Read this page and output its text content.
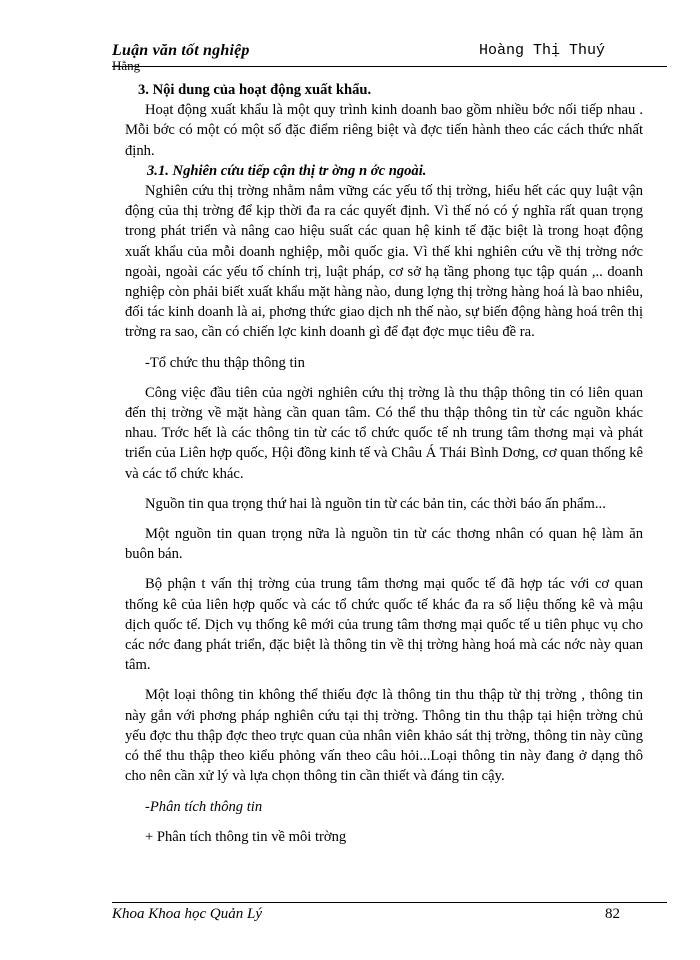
Luận văn tốt nghiệp
Hằng
Hoàng Thị Thuý

3. Nội dung của hoạt động xuất khẩu.

Hoạt động xuất khẩu là một quy trình kinh doanh bao gồm nhiều bớc nối tiếp nhau . Mỗi bớc có một có một số đặc điểm riêng biệt và đợc tiến hành theo các cách thức nhất định.

3.1. Nghiên cứu tiếp cận thị tr ờng n ớc ngoài.

Nghiên cứu thị trờng nhằm nắm vững các yếu tố thị trờng, hiểu hết các quy luật vận động của thị trờng để kịp thời đa ra các quyết định. Vì thế nó có ý nghĩa rất quan trọng trong phát triển và nâng cao hiệu suất các quan hệ kinh tế đặc biệt là trong hoạt động xuất khẩu của mỗi doanh nghiệp, mỗi quốc gia. Vì thế khi nghiên cứu về thị trờng nớc ngoài, ngoài các yếu tố chính trị, luật pháp, cơ sở hạ tầng phong tục tập quán ,.. doanh nghiệp còn phải biết xuất khẩu mặt hàng nào, dung lợng thị trờng hàng hoá là bao nhiêu, đối tác kinh doanh là ai, phơng thức giao dịch nh thế nào, sự biến động hàng hoá trên thị trờng ra sao, cần có chiến lợc kinh doanh gì để đạt đợc mục tiêu đề ra.

-Tổ chức thu thập thông tin

Công việc đầu tiên của ngời nghiên cứu thị trờng là thu thập thông tin có liên quan đến thị trờng về mặt hàng cần quan tâm. Có thể thu thập thông tin từ các nguồn khác nhau. Trớc hết là các thông tin từ các tổ chức quốc tế nh trung tâm thơng mại và phát triển của Liên hợp quốc, Hội đồng kinh tế và Châu Á Thái Bình Dơng, cơ quan thống kê và các tổ chức khác.

Nguồn tin qua trọng thứ hai là nguồn tin từ các bản tin, các thời báo ấn phẩm...

Một nguồn tin quan trọng nữa là nguồn tin từ các thơng nhân có quan hệ làm ăn buôn bán.

Bộ phận t vấn thị trờng của trung tâm thơng mại quốc tế đã hợp tác với cơ quan thống kê của liên hợp quốc và các tổ chức quốc tế khác đa ra số liệu thống kê và mậu dịch quốc tế. Dịch vụ thống kê mới của trung tâm thơng mại quốc tế u tiên phục vụ cho các nớc đang phát triển, đặc biệt là thông tin về thị trờng hàng hoá mà các nớc này quan tâm.

Một loại thông tin không thể thiếu đợc là thông tin thu thập từ thị trờng , thông tin này gắn với phơng pháp nghiên cứu tại thị trờng. Thông tin thu thập tại hiện trờng chủ yếu đợc thu thập đợc theo trực quan của nhân viên khảo sát thị trờng, thông tin này cũng có thể thu thập theo kiểu phỏng vấn theo câu hỏi...Loại thông tin này đang ở dạng thô cho nên cần xử lý và lựa chọn thông tin cần thiết và đáng tin cậy.

-Phân tích thông tin

+ Phân tích thông tin về môi trờng

Khoa Khoa học Quản Lý	82
